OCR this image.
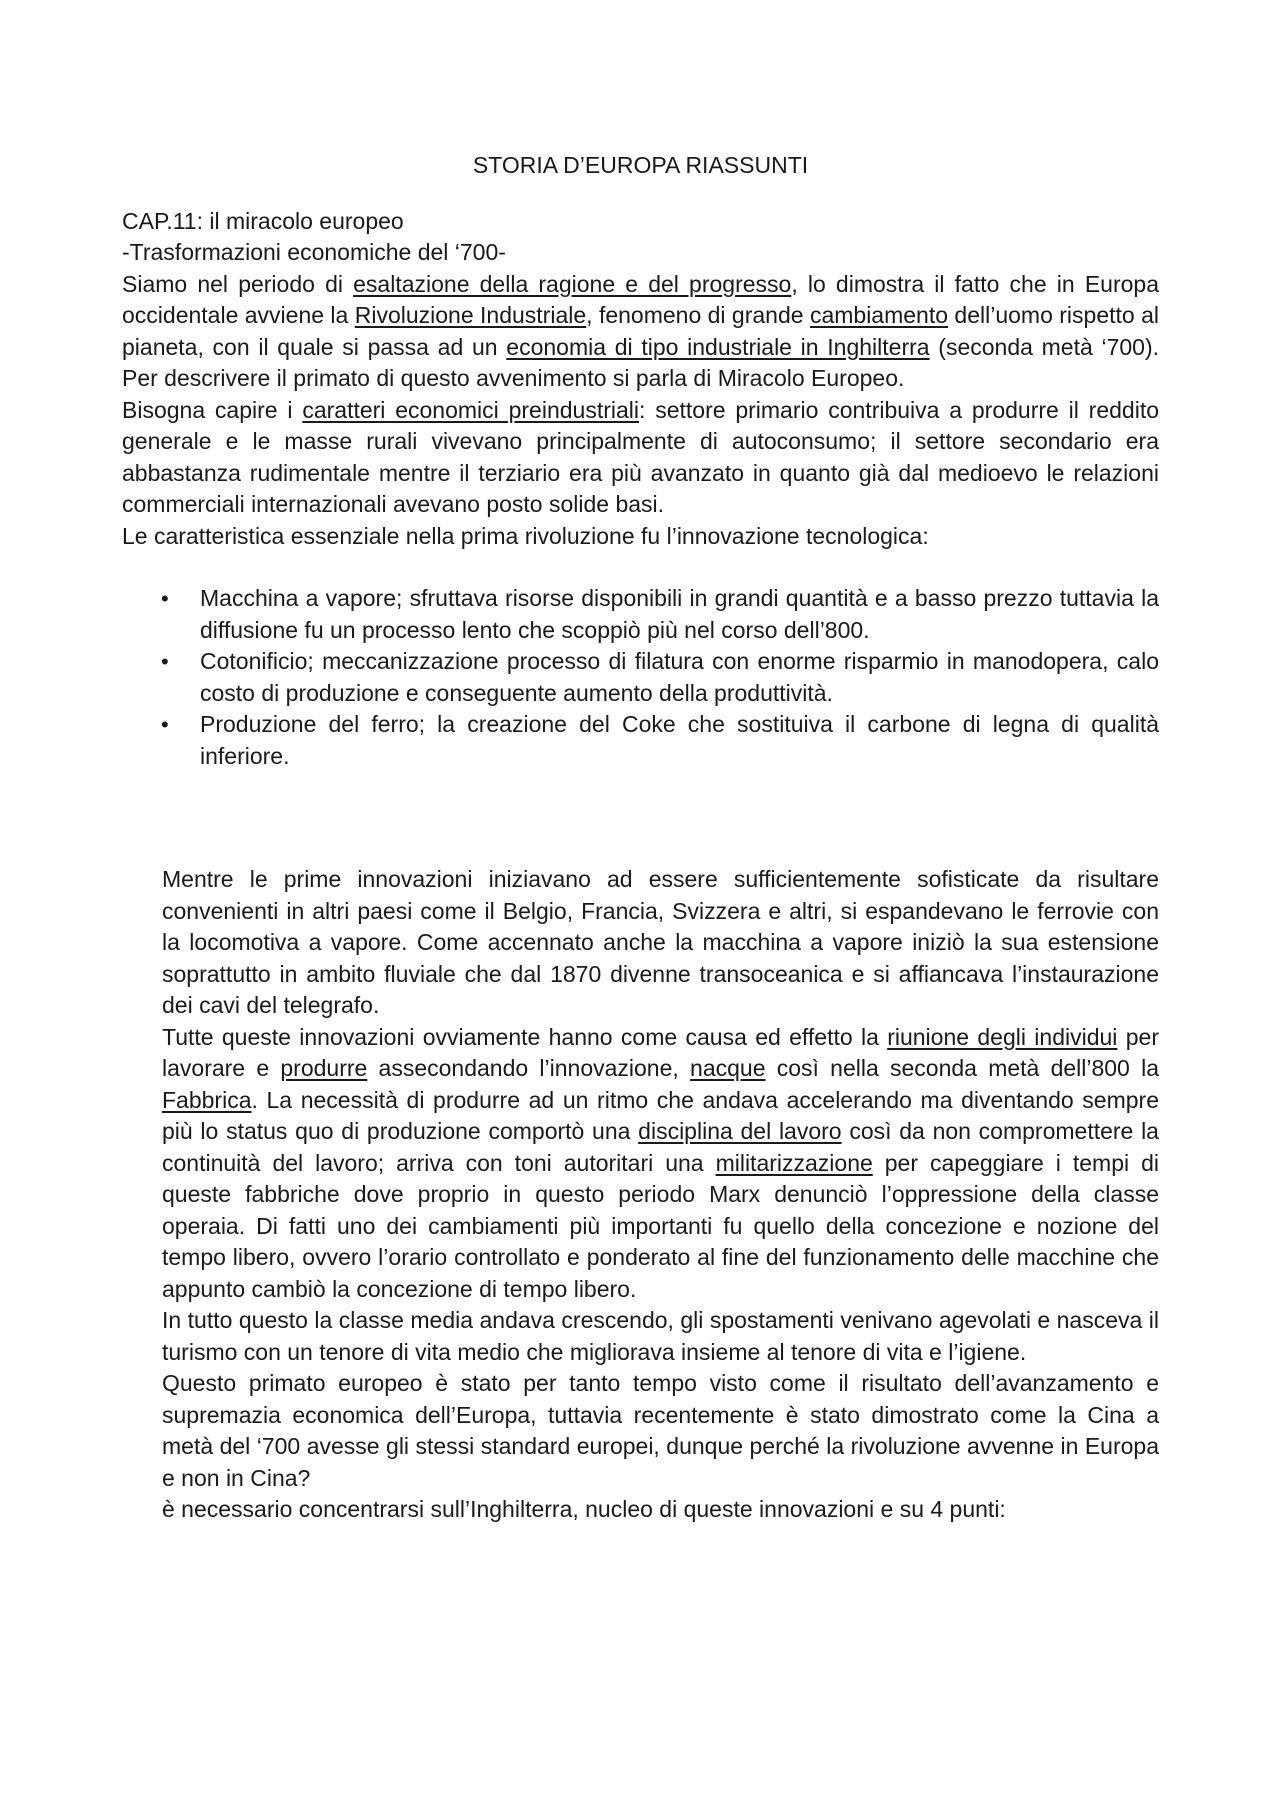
STORIA D’EUROPA RIASSUNTI

CAP.11: il miracolo europeo

-Trasformazioni economiche del ‘700-

Siamo nel periodo di esaltazione della ragione e del progresso, lo dimostra il fatto che in Europa occidentale avviene la Rivoluzione Industriale, fenomeno di grande cambiamento dell’uomo rispetto al pianeta, con il quale si passa ad un economia di tipo industriale in Inghilterra (seconda metà ‘700). Per descrivere il primato di questo avvenimento si parla di Miracolo Europeo.

Bisogna capire i caratteri economici preindustriali: settore primario contribuiva a produrre il reddito generale e le masse rurali vivevano principalmente di autoconsumo; il settore secondario era abbastanza rudimentale mentre il terziario era più avanzato in quanto già dal medioevo le relazioni commerciali internazionali avevano posto solide basi.

Le caratteristica essenziale nella prima rivoluzione fu l’innovazione tecnologica:

• Macchina a vapore; sfruttava risorse disponibili in grandi quantità e a basso prezzo tuttavia la diffusione fu un processo lento che scoppiò più nel corso dell’800.
• Cotonificio; meccanizzazione processo di filatura con enorme risparmio in manodopera, calo costo di produzione e conseguente aumento della produttività.
• Produzione del ferro; la creazione del Coke che sostituiva il carbone di legna di qualità inferiore.

Mentre le prime innovazioni iniziavano ad essere sufficientemente sofisticate da risultare convenienti in altri paesi come il Belgio, Francia, Svizzera e altri, si espandevano le ferrovie con la locomotiva a vapore. Come accennato anche la macchina a vapore iniziò la sua estensione soprattutto in ambito fluviale che dal 1870 divenne transoceanica e si affiancava l’instaurazione dei cavi del telegrafo.

Tutte queste innovazioni ovviamente hanno come causa ed effetto la riunione degli individui per lavorare e produrre assecondando l’innovazione, nacque così nella seconda metà dell’800 la Fabbrica. La necessità di produrre ad un ritmo che andava accelerando ma diventando sempre più lo status quo di produzione comportò una disciplina del lavoro così da non compromettere la continuità del lavoro; arriva con toni autoritari una militarizzazione per capeggiare i tempi di queste fabbriche dove proprio in questo periodo Marx denunciò l’oppressione della classe operaia. Di fatti uno dei cambiamenti più importanti fu quello della concezione e nozione del tempo libero, ovvero l’orario controllato e ponderato al fine del funzionamento delle macchine che appunto cambiò la concezione di tempo libero.

In tutto questo la classe media andava crescendo, gli spostamenti venivano agevolati e nasceva il turismo con un tenore di vita medio che migliorava insieme al tenore di vita e l’igiene.

Questo primato europeo è stato per tanto tempo visto come il risultato dell’avanzamento e supremazia economica dell’Europa, tuttavia recentemente è stato dimostrato come la Cina a metà del ‘700 avesse gli stessi standard europei, dunque perché la rivoluzione avvenne in Europa e non in Cina?

è necessario concentrarsi sull’Inghilterra, nucleo di queste innovazioni e su 4 punti:
